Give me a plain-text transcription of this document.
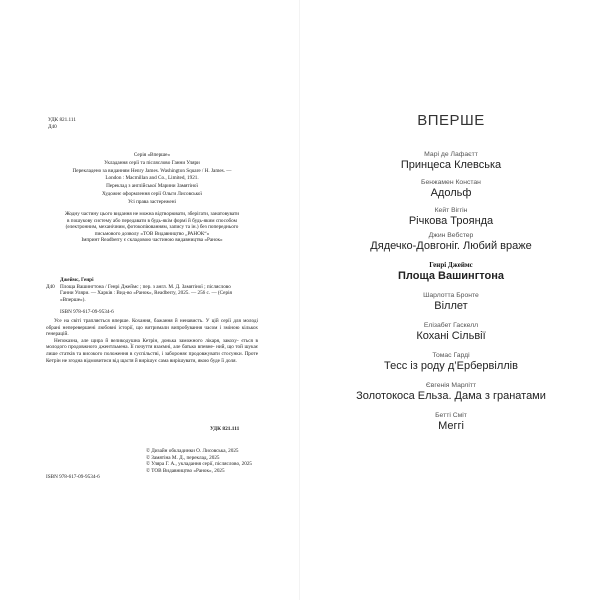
УДК 821.111
Д40

Серія «Вперше»

Укладання серії та післяслово Ганни Уляри

Перекладено за виданням Henry James. Washington Square / H. James. —
London : Macmillan and Co., Limited, 1921.

Переклад з англійської Марини Замятіної

Художнє оформлення серії Ольги Лисовської

Усі права застережені

Жодну частину цього видання не можна відтворювати, зберігати, занатовувати

в пошукову систему або передавати в будь-якім формі й будь-яким способом

(електронним, механічним, фотокопіюванням, запису та ін.) без попереднього

письмового дозволу «ТОВ Видавництво „РАНОК“»

Імпринт Readberry є складовою частиною видавництва «Ранок»

Джеймс, Генрі
Д40	Площа Вашингтона / Генрі Джеймс ; пер. з англ. М. Д. Замятіної ; післяслово

Ганни Уляри. — Харків : Вид-во «Ранок», Readberry, 2025. — 256 с. — (Серія

«Вперше»).

ISBN 978-617-09-9534-6

Усе на світі трапляється вперше. Кохання, бажання й ненависть. У цій серії для молоді обрані неперевершені любовні історії, що витримали випробування часом і зміною кількох генерацій.

Непоказна, але щира й великодушна Кетрін, донька заможного лікаря, закоху- ється в молодого продовжного джентльмена. Її почуття взаємні, але батько впевне- ний, що той шукає лише статків та високого положення в суспільстві, і забороняє продовжувати стосунки. Проте Кетрін не згодна відмовитися від щастя й вирішує сама вирішувати, якою буде її доля.

УДК 821.111

© Дизайн обкладинки О. Лисовська, 2025

© Замятіна М. Д., переклад, 2025

© Уляра Г. А., укладання серії, післяслово, 2025

© ТОВ Видавництво «Ранок», 2025

ISBN 978-617-09-9534-6
ВПЕРШЕ
Марі де Лафаєтт
Принцеса Клевська
Бенжамен Констан
Адольф
Кейт Віггін
Річкова Троянда
Джин Вебстер
Дядечко-Довгоніг. Любий враже
Генрі Джеймс
Площа Вашингтона
Шарлотта Бронте
Віллет
Елізабет Гаскелл
Кохані Сільвії
Томас Гарді
Тесс із роду д’Ербервіллів
Євгенія Марлітт
Золотокоса Ельза. Дама з гранатами
Бетті Сміт
Меггі
